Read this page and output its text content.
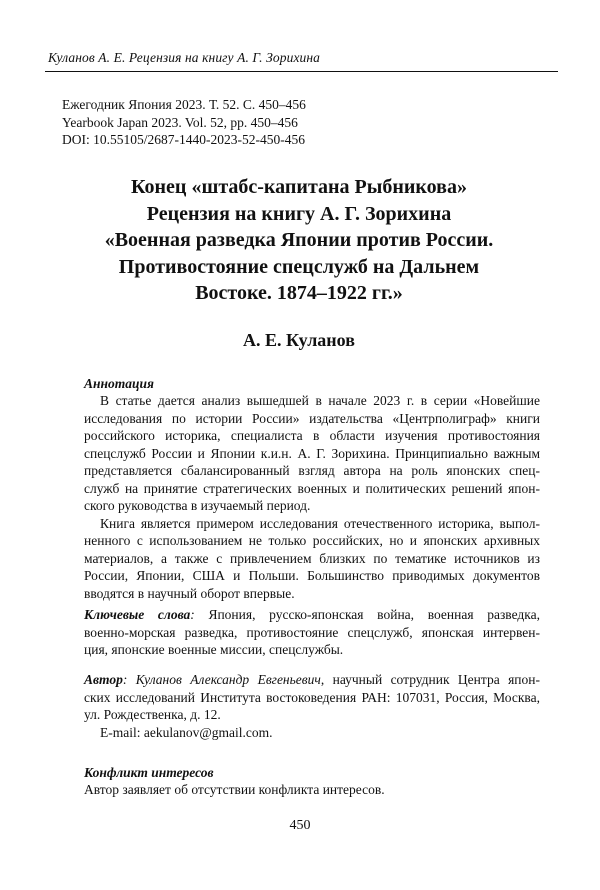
Куланов А. Е. Рецензия на книгу А. Г. Зорихина
Ежегодник Япония 2023. Т. 52. С. 450–456
Yearbook Japan 2023. Vol. 52, pp. 450–456
DOI: 10.55105/2687-1440-2023-52-450-456
Конец «штабс-капитана Рыбникова»
Рецензия на книгу А. Г. Зорихина
«Военная разведка Японии против России.
Противостояние спецслужб на Дальнем
Востоке. 1874–1922 гг.»
А. Е. Куланов
Аннотация
В статье дается анализ вышедшей в начале 2023 г. в серии «Новейшие
исследования по истории России» издательства «Центрполиграф» книги
российского историка, специалиста в области изучения противостояния
спецслужб России и Японии к.и.н. А. Г. Зорихина. Принципиально важным
представляется сбалансированный взгляд автора на роль японских спец-
служб на принятие стратегических военных и политических решений япон-
ского руководства в изучаемый период.
Книга является примером исследования отечественного историка, выпол-
ненного с использованием не только российских, но и японских архивных
материалов, а также с привлечением близких по тематике источников из
России, Японии, США и Польши. Большинство приводимых документов
вводятся в научный оборот впервые.
Ключевые слова: Япония, русско-японская война, военная разведка,
военно-морская разведка, противостояние спецслужб, японская интервен-
ция, японские военные миссии, спецслужбы.
Автор: Куланов Александр Евгеньевич, научный сотрудник Центра япон-
ских исследований Института востоковедения РАН: 107031, Россия, Москва,
ул. Рождественка, д. 12.
E-mail: aekulanov@gmail.com.
Конфликт интересов
Автор заявляет об отсутствии конфликта интересов.
450
